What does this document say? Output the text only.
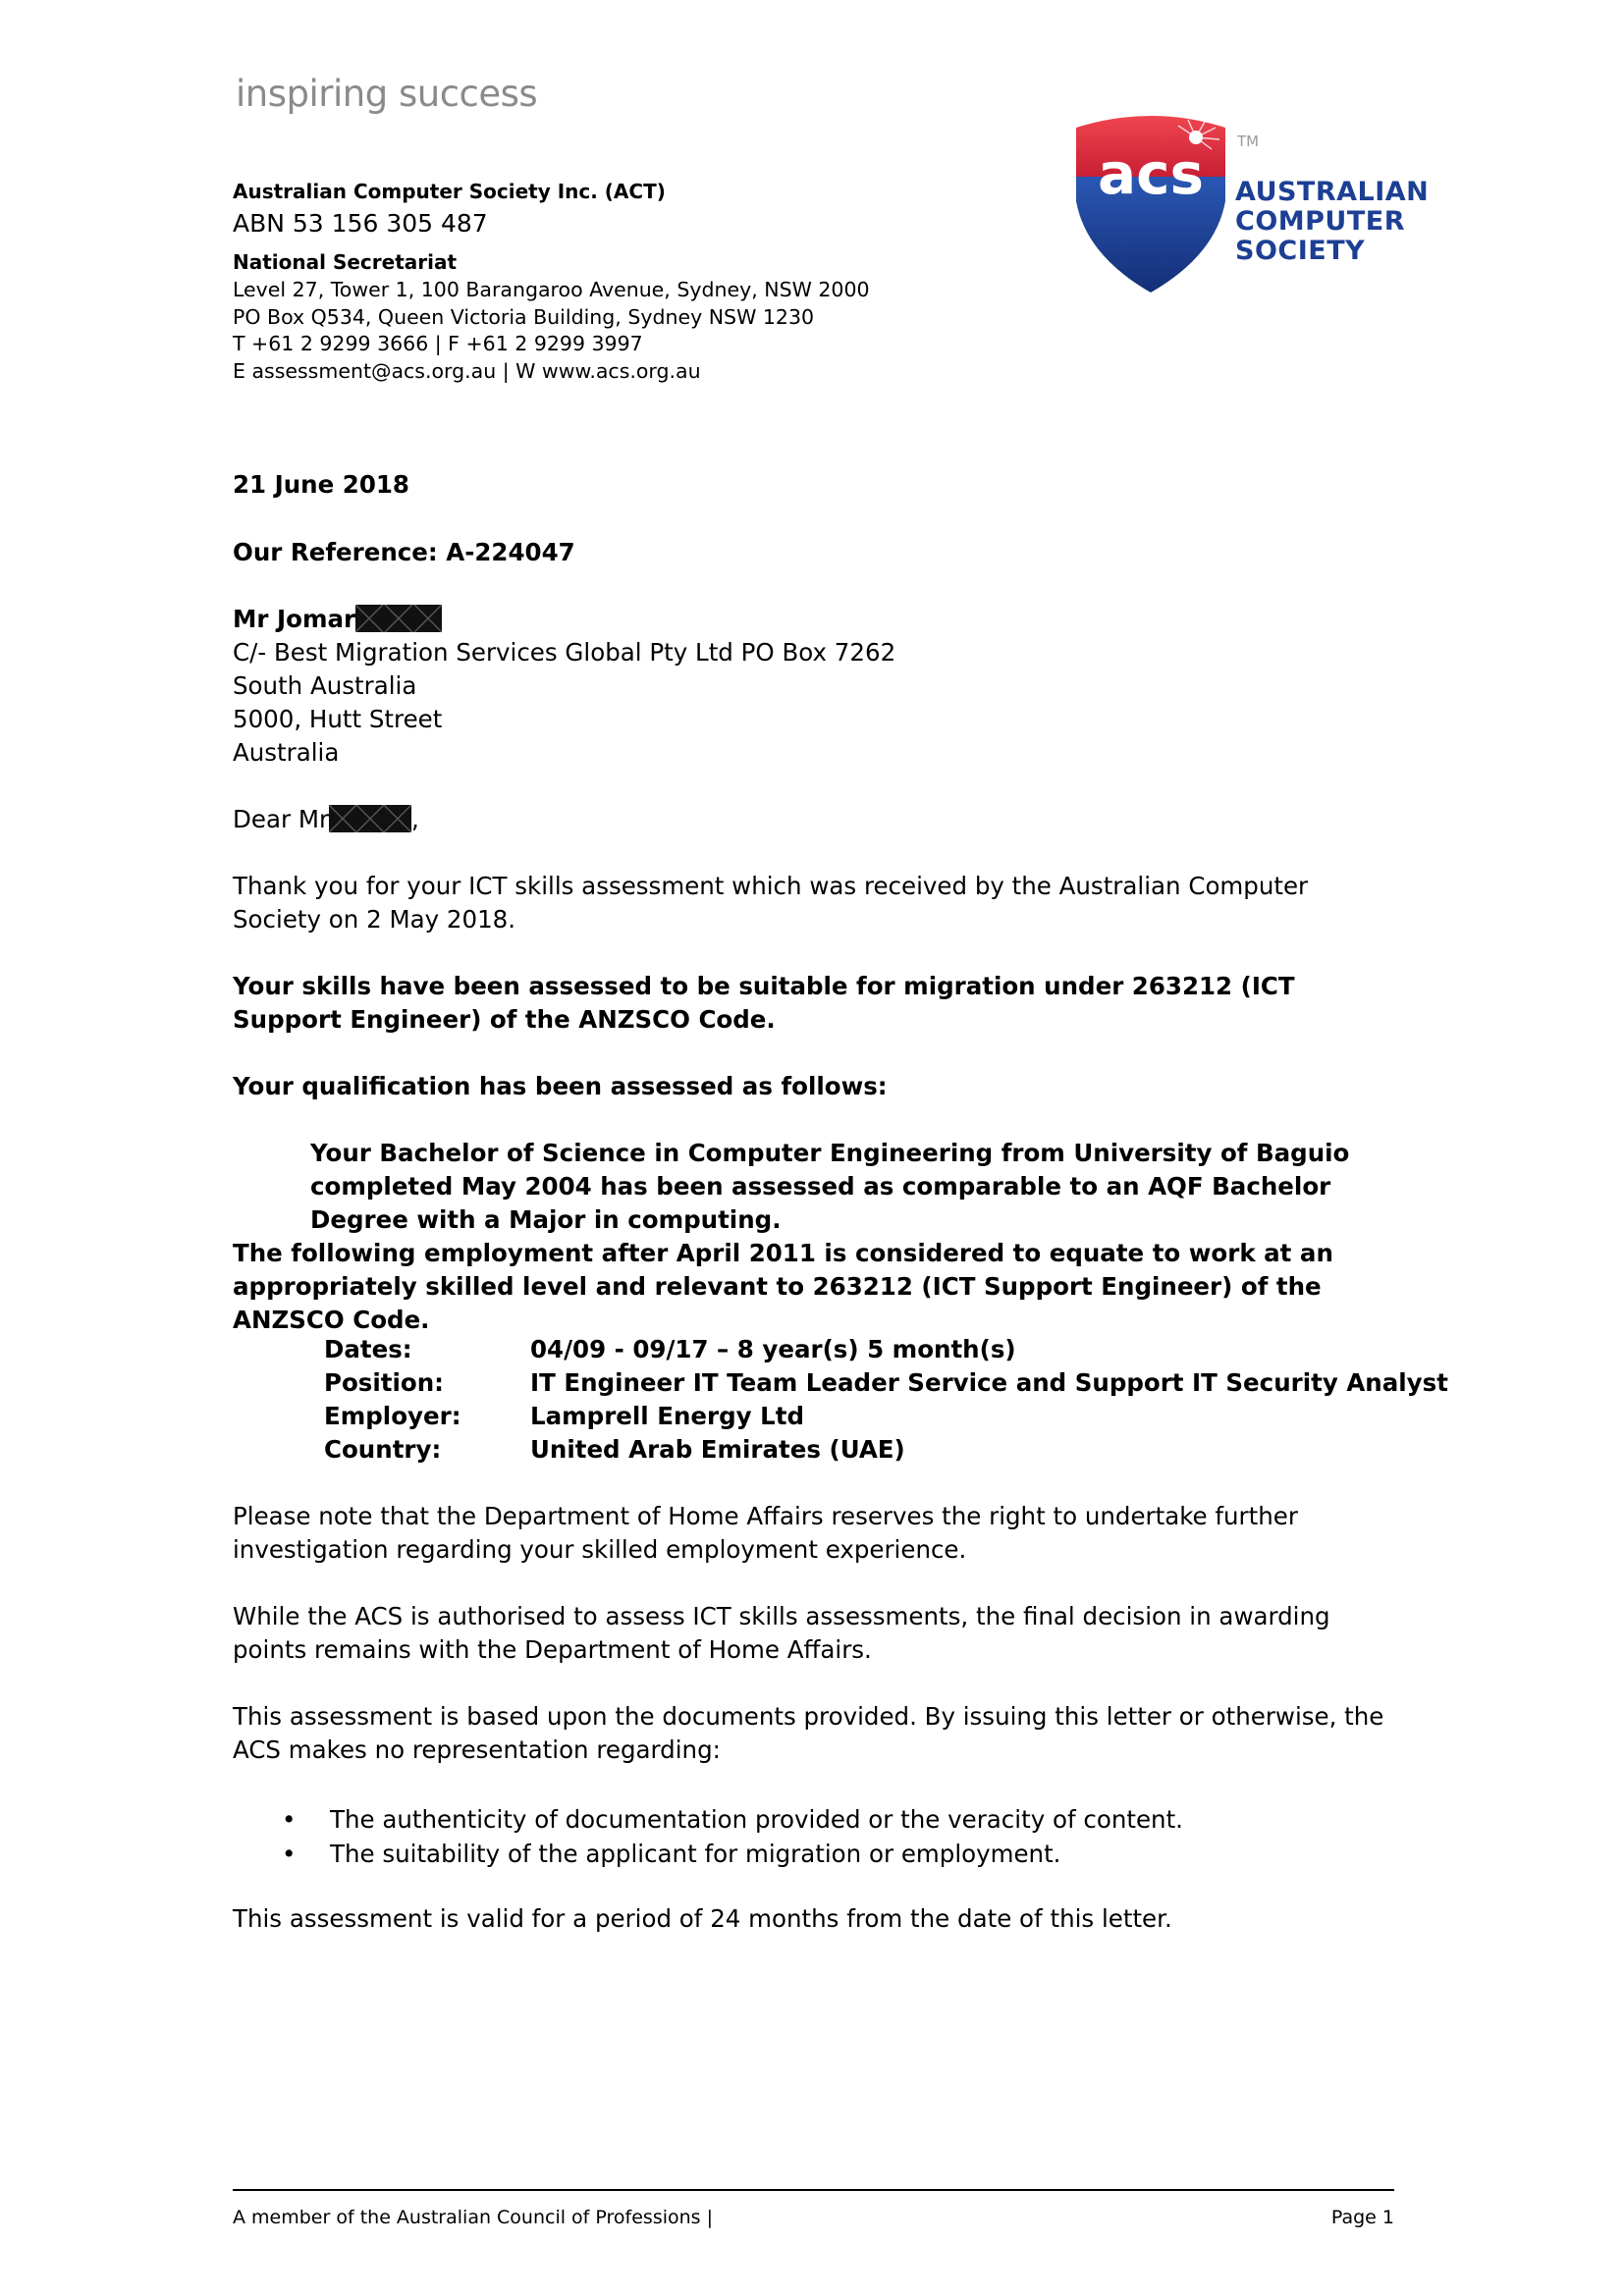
inspiring success
Australian Computer Society Inc. (ACT)
ABN 53 156 305 487
National Secretariat
Level 27, Tower 1, 100 Barangaroo Avenue, Sydney, NSW 2000
PO Box Q534, Queen Victoria Building, Sydney NSW 1230
T +61 2 9299 3666 | F +61 2 9299 3997
E assessment@acs.org.au | W www.acs.org.au
acs TM
AUSTRALIAN
COMPUTER
SOCIETY
21 June 2018
Our Reference: A-224047
Mr Jomar
C/- Best Migration Services Global Pty Ltd PO Box 7262
South Australia
5000, Hutt Street
Australia
Dear Mr	,
Thank you for your ICT skills assessment which was received by the Australian Computer Society on 2 May 2018.
Your skills have been assessed to be suitable for migration under 263212 (ICT Support Engineer) of the ANZSCO Code.
Your qualification has been assessed as follows:
Your Bachelor of Science in Computer Engineering from University of Baguio completed May 2004 has been assessed as comparable to an AQF Bachelor Degree with a Major in computing.
The following employment after April 2011 is considered to equate to work at an appropriately skilled level and relevant to 263212 (ICT Support Engineer) of the ANZSCO Code.
Dates:	04/09 - 09/17 – 8 year(s) 5 month(s)
Position:	IT Engineer IT Team Leader Service and Support IT Security Analyst
Employer:	Lamprell Energy Ltd
Country:	United Arab Emirates (UAE)
Please note that the Department of Home Affairs reserves the right to undertake further investigation regarding your skilled employment experience.
While the ACS is authorised to assess ICT skills assessments, the final decision in awarding points remains with the Department of Home Affairs.
This assessment is based upon the documents provided. By issuing this letter or otherwise, the ACS makes no representation regarding:
•	The authenticity of documentation provided or the veracity of content.
•	The suitability of the applicant for migration or employment.
This assessment is valid for a period of 24 months from the date of this letter.
A member of the Australian Council of Professions |	Page 1
